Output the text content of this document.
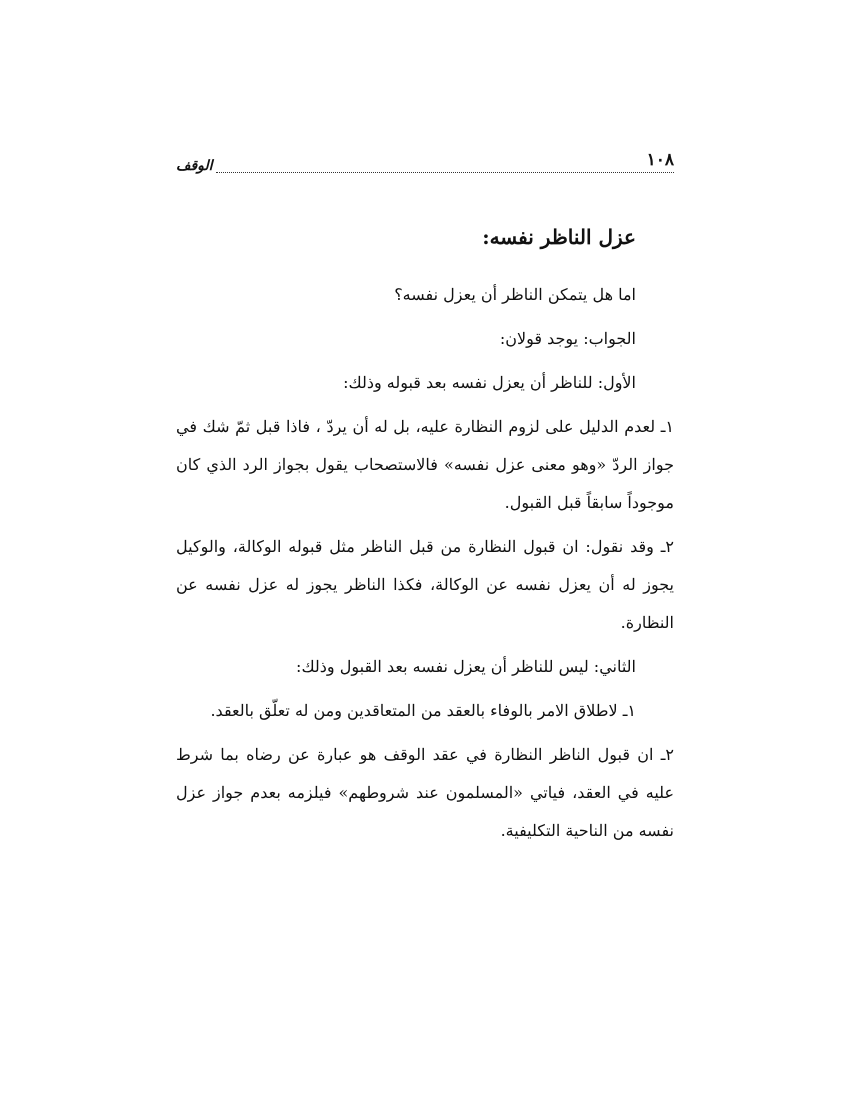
١٠٨
الوقف
عزل الناظر نفسه:

اما هل يتمكن الناظر أن يعزل نفسه؟

الجواب: يوجد قولان:

الأول: للناظر أن يعزل نفسه بعد قبوله وذلك:

١ـ لعدم الدليل على لزوم النظارة عليه، بل له أن يردّ ، فاذا قبل ثمّ شك في جواز الردّ «وهو معنى عزل نفسه» فالاستصحاب يقول بجواز الرد الذي كان موجوداً سابقاً قبل القبول.

٢ـ وقد نقول: ان قبول النظارة من قبل الناظر مثل قبوله الوكالة، والوكيل يجوز له أن يعزل نفسه عن الوكالة، فكذا الناظر يجوز له عزل نفسه عن النظارة.

الثاني: ليس للناظر أن يعزل نفسه بعد القبول وذلك:

١ـ لاطلاق الامر بالوفاء بالعقد من المتعاقدين ومن له تعلّق بالعقد.

٢ـ ان قبول الناظر النظارة في عقد الوقف هو عبارة عن رضاه بما شرط عليه في العقد، فياتي «المسلمون عند شروطهم» فيلزمه بعدم جواز عزل نفسه من الناحية التكليفية.
